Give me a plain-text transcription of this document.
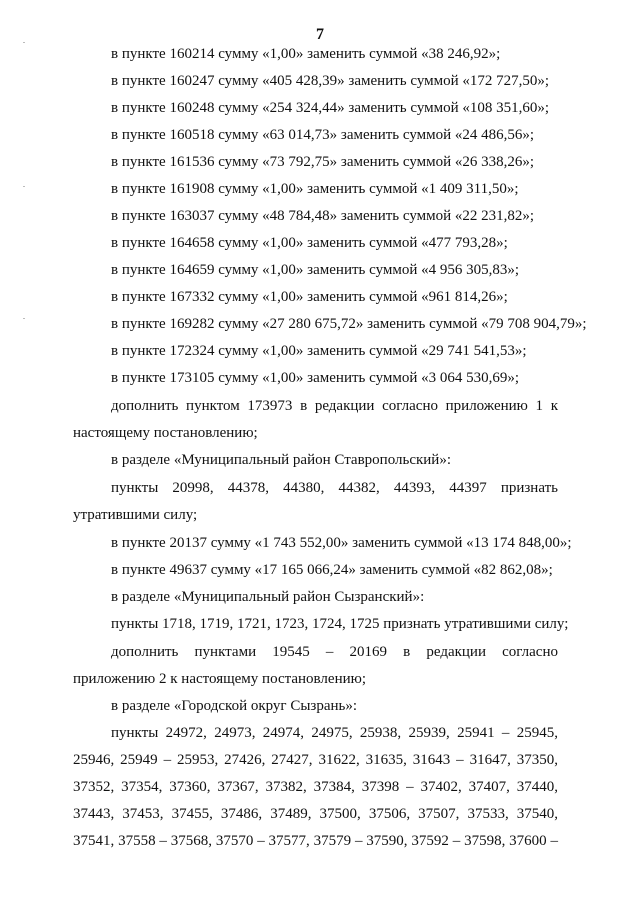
7
в пункте 160214 сумму «1,00» заменить суммой «38 246,92»;
в пункте 160247 сумму «405 428,39» заменить суммой «172 727,50»;
в пункте 160248 сумму «254 324,44» заменить суммой «108 351,60»;
в пункте 160518 сумму «63 014,73» заменить суммой «24 486,56»;
в пункте 161536 сумму «73 792,75» заменить суммой «26 338,26»;
в пункте 161908 сумму «1,00» заменить суммой «1 409 311,50»;
в пункте 163037 сумму «48 784,48» заменить суммой «22 231,82»;
в пункте 164658 сумму «1,00» заменить суммой «477 793,28»;
в пункте 164659 сумму «1,00» заменить суммой «4 956 305,83»;
в пункте 167332 сумму «1,00» заменить суммой «961 814,26»;
в пункте 169282 сумму «27 280 675,72» заменить суммой «79 708 904,79»;
в пункте 172324 сумму «1,00» заменить суммой «29 741 541,53»;
в пункте 173105 сумму «1,00» заменить суммой «3 064 530,69»;
дополнить пунктом 173973 в редакции согласно приложению 1 к
настоящему постановлению;
в разделе «Муниципальный район Ставропольский»:
пункты 20998, 44378, 44380, 44382, 44393, 44397 признать
утратившими силу;
в пункте 20137 сумму «1 743 552,00» заменить суммой «13 174 848,00»;
в пункте 49637 сумму «17 165 066,24» заменить суммой «82 862,08»;
в разделе «Муниципальный район Сызранский»:
пункты 1718, 1719, 1721, 1723, 1724, 1725 признать утратившими силу;
дополнить пунктами 19545 – 20169 в редакции согласно
приложению 2 к настоящему постановлению;
в разделе «Городской округ Сызрань»:
пункты 24972, 24973, 24974, 24975, 25938, 25939, 25941 – 25945,
25946, 25949 – 25953, 27426, 27427, 31622, 31635, 31643 – 31647, 37350,
37352, 37354, 37360, 37367, 37382, 37384, 37398 – 37402, 37407, 37440,
37443, 37453, 37455, 37486, 37489, 37500, 37506, 37507, 37533, 37540,
37541, 37558 – 37568, 37570 – 37577, 37579 – 37590, 37592 – 37598, 37600 –
